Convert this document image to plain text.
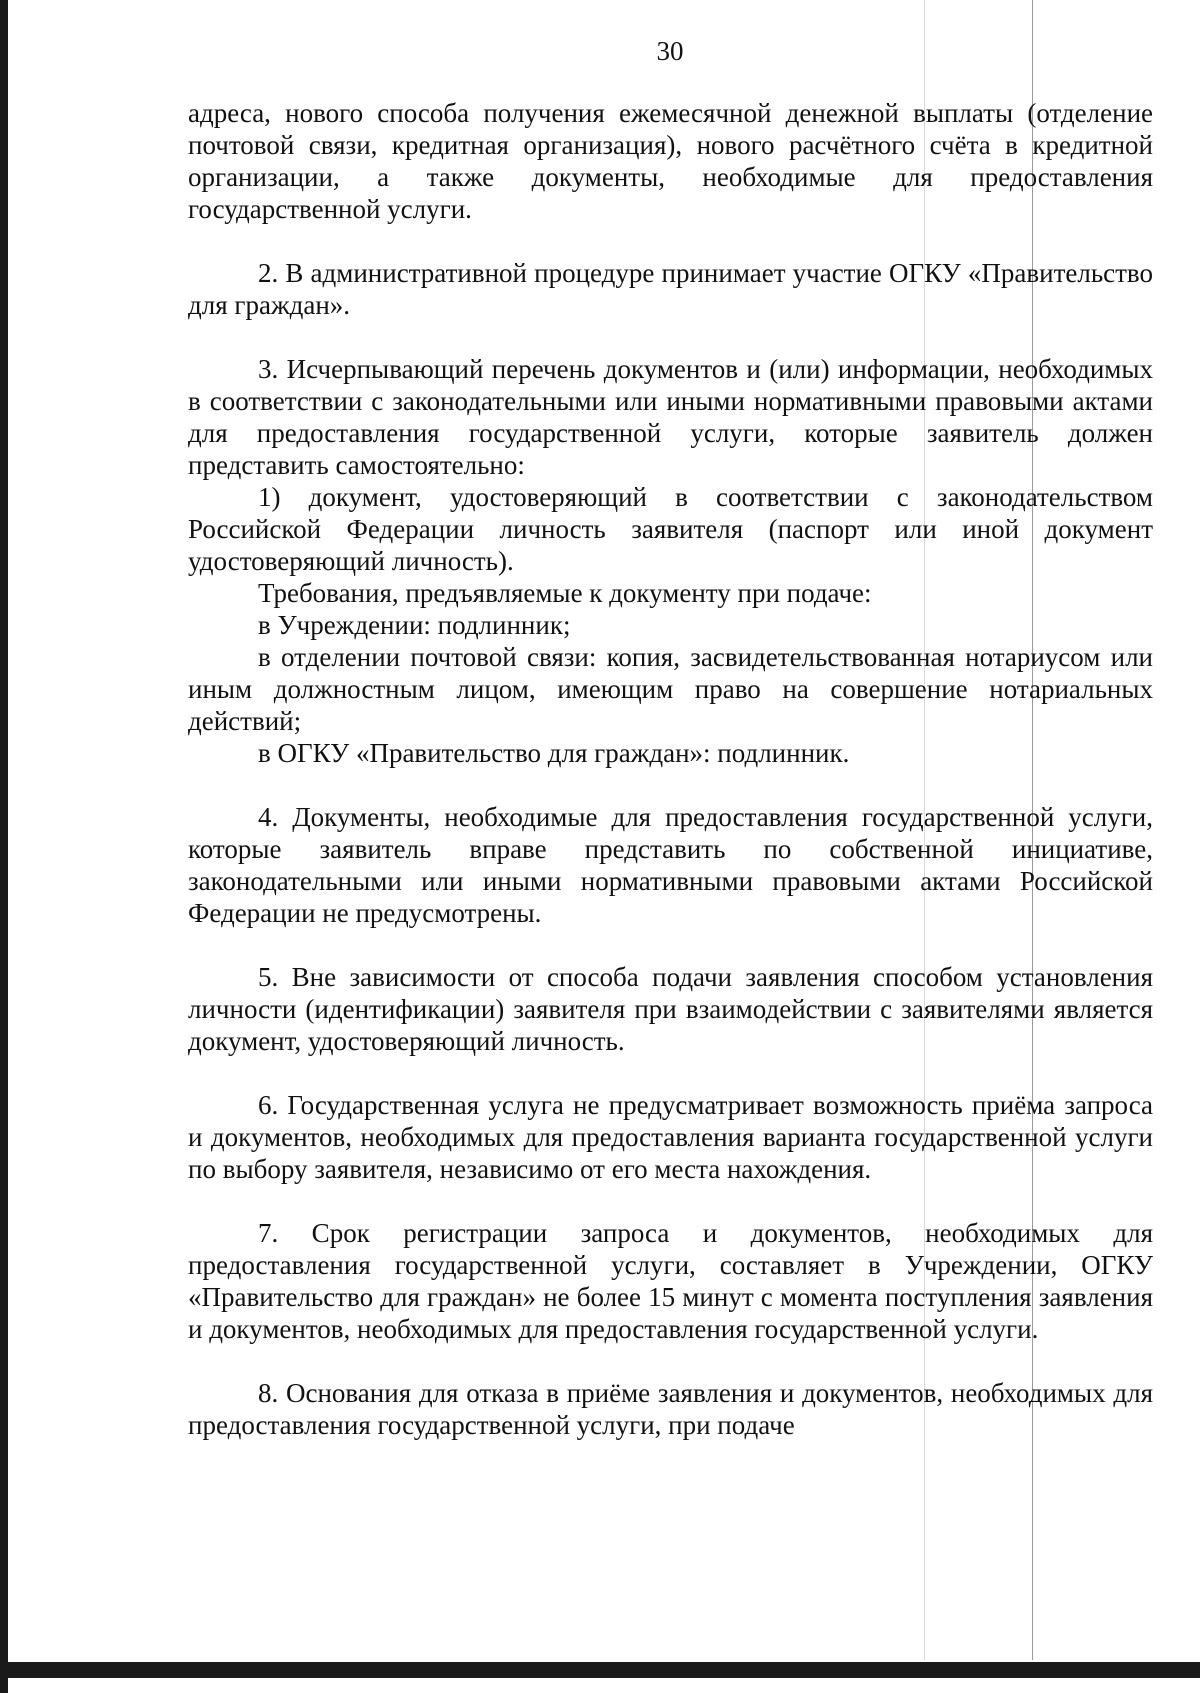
30

адреса, нового способа получения ежемесячной денежной выплаты (отделение почтовой связи, кредитная организация), нового расчётного счёта в кредитной организации, а также документы, необходимые для предоставления государственной услуги.

2. В административной процедуре принимает участие ОГКУ «Правительство для граждан».

3. Исчерпывающий перечень документов и (или) информации, необходимых в соответствии с законодательными или иными нормативными правовыми актами для предоставления государственной услуги, которые заявитель должен представить самостоятельно:

1) документ, удостоверяющий в соответствии с законодательством Российской Федерации личность заявителя (паспорт или иной документ удостоверяющий личность).

Требования, предъявляемые к документу при подаче:

в Учреждении: подлинник;

в отделении почтовой связи: копия, засвидетельствованная нотариусом или иным должностным лицом, имеющим право на совершение нотариальных действий;

в ОГКУ «Правительство для граждан»: подлинник.

4. Документы, необходимые для предоставления государственной услуги, которые заявитель вправе представить по собственной инициативе, законодательными или иными нормативными правовыми актами Российской Федерации не предусмотрены.

5. Вне зависимости от способа подачи заявления способом установления личности (идентификации) заявителя при взаимодействии с заявителями является документ, удостоверяющий личность.

6. Государственная услуга не предусматривает возможность приёма запроса и документов, необходимых для предоставления варианта государственной услуги по выбору заявителя, независимо от его места нахождения.

7. Срок регистрации запроса и документов, необходимых для предоставления государственной услуги, составляет в Учреждении, ОГКУ «Правительство для граждан» не более 15 минут с момента поступления заявления и документов, необходимых для предоставления государственной услуги.

8. Основания для отказа в приёме заявления и документов, необходимых для предоставления государственной услуги, при подаче
